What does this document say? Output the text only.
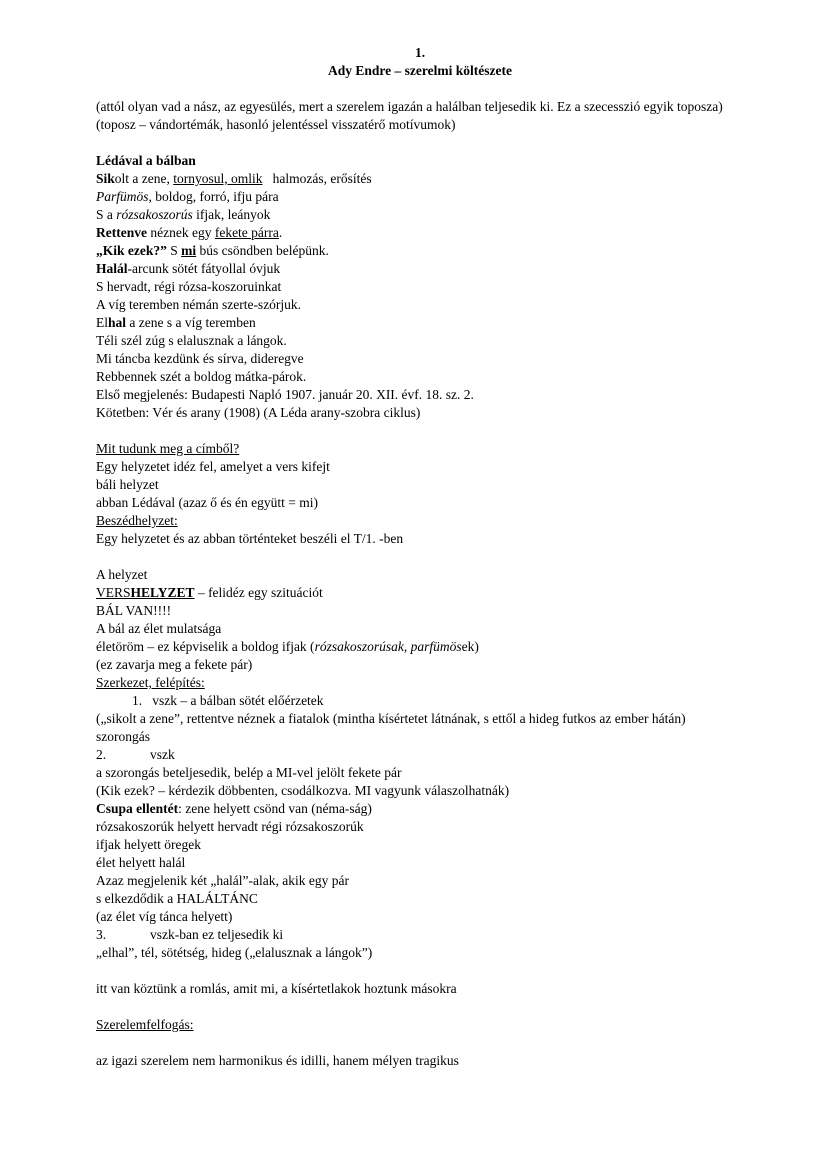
1.
Ady Endre – szerelmi költészete

(attól olyan vad a nász, az egyesülés, mert a szerelem igazán a halálban teljesedik ki. Ez a szecesszió egyik toposza) (toposz – vándortémák, hasonló jelentéssel visszatérő motívumok)

Lédával a bálban
Sikolt a zene, tornyosul, omlik   halmozás, erősítés
Parfümös, boldog, forró, ifju pára
S a rózsakoszorús ifjak, leányok
Rettenve néznek egy fekete párra.
„Kik ezek?” S mi bús csöndben belépünk.
Halál-arcunk sötét fátyollal óvjuk
S hervadt, régi rózsa-koszoruinkat
A víg teremben némán szerte-szórjuk.
Elhal a zene s a víg teremben
Téli szél zúg s elalusznak a lángok.
Mi táncba kezdünk és sírva, dideregve
Rebbennek szét a boldog mátka-párok.
Első megjelenés: Budapesti Napló 1907. január 20. XII. évf. 18. sz. 2.
Kötetben: Vér és arany (1908) (A Léda arany-szobra ciklus)

Mit tudunk meg a címből?
Egy helyzetet idéz fel, amelyet a vers kifejt
báli helyzet
abban Lédával (azaz ő és én együtt = mi)
Beszédhelyzet:
Egy helyzetet és az abban történteket beszéli el T/1. -ben

A helyzet
VERSHELYZET – felidéz egy szituációt
BÁL VAN!!!!
A bál az élet mulatsága
életöröm – ez képviselik a boldog ifjak (rózsakoszorúsak, parfümösek)
(ez zavarja meg a fekete pár)
Szerkezet, felépítés:
1.   vszk – a bálban sötét előérzetek
(„sikolt a zene”, rettentve néznek a fiatalok (mintha kísértetet látnának, s ettől a hideg futkos az ember hátán)
szorongás
2.             vszk
a szorongás beteljesedik, belép a MI-vel jelölt fekete pár
(Kik ezek? – kérdezik döbbenten, csodálkozva. MI vagyunk válaszolhatnák)
Csupa ellentét: zene helyett csönd van (néma-ság)
rózsakoszorúk helyett hervadt régi rózsakoszorúk
ifjak helyett öregek
élet helyett halál
Azaz megjelenik két „halál”-alak, akik egy pár
s elkezdődik a HALÁLTÁNC
(az élet víg tánca helyett)
3.             vszk-ban ez teljesedik ki
„elhal”, tél, sötétség, hideg („elalusznak a lángok”)

itt van köztünk a romlás, amit mi, a kísértetlakok hoztunk másokra

Szerelemfelfogás:

az igazi szerelem nem harmonikus és idilli, hanem mélyen tragikus
